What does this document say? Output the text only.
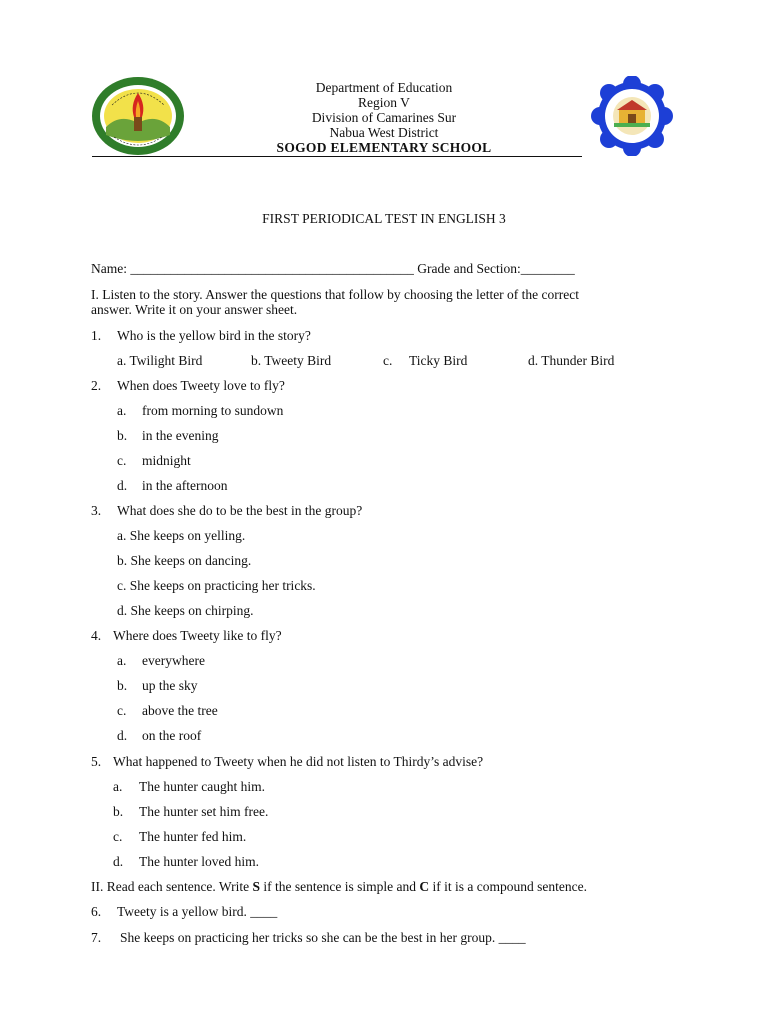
Department of Education
Region V
Division of Camarines Sur
Nabua West District
SOGOD ELEMENTARY SCHOOL
FIRST PERIODICAL TEST IN ENGLISH 3
Name: __________________________________________ Grade and Section:________
I. Listen to the story. Answer the questions that follow by choosing the letter of the correct
answer. Write it on your answer sheet.
1. Who is the yellow bird in the story?
a. Twilight Bird	b. Tweety Bird	c. Ticky Bird	d. Thunder Bird
2. When does Tweety love to fly?
a. from morning to sundown
b. in the evening
c. midnight
d. in the afternoon
3. What does she do to be the best in the group?
a. She keeps on yelling.
b. She keeps on dancing.
c. She keeps on practicing her tricks.
d. She keeps on chirping.
4. Where does Tweety like to fly?
a. everywhere
b. up the sky
c. above the tree
d. on the roof
5. What happened to Tweety when he did not listen to Thirdy’s advise?
a. The hunter caught him.
b. The hunter set him free.
c. The hunter fed him.
d. The hunter loved him.
II. Read each sentence. Write S if the sentence is simple and C if it is a compound sentence.
6. Tweety is a yellow bird. ____
7. She keeps on practicing her tricks so she can be the best in her group. ____
